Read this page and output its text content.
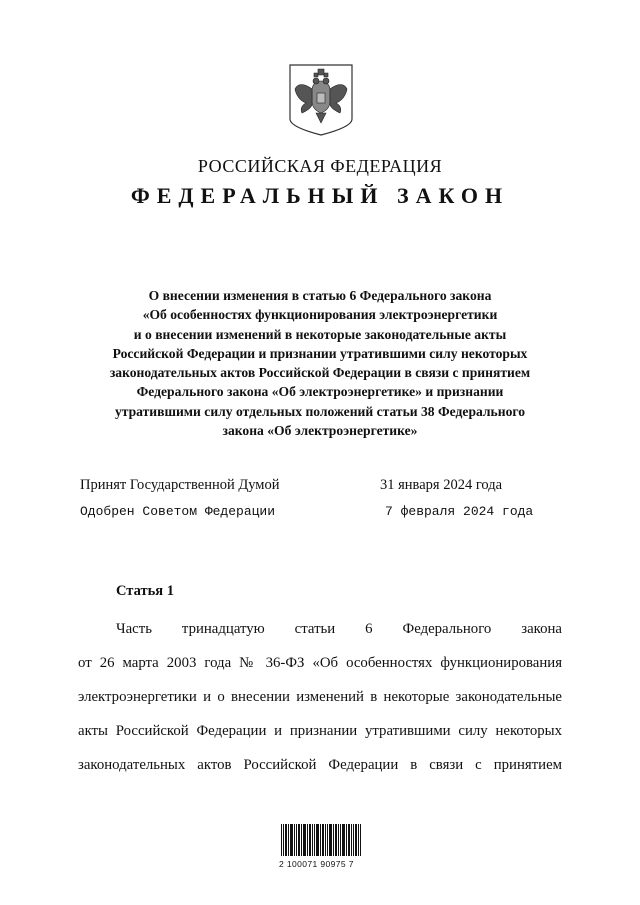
РОССИЙСКАЯ ФЕДЕРАЦИЯ
ФЕДЕРАЛЬНЫЙ ЗАКОН
О внесении изменения в статью 6 Федерального закона
«Об особенностях функционирования электроэнергетики
и о внесении изменений в некоторые законодательные акты
Российской Федерации и признании утратившими силу некоторых
законодательных актов Российской Федерации в связи с принятием
Федерального закона «Об электроэнергетике» и признании
утратившими силу отдельных положений статьи 38 Федерального
закона «Об электроэнергетике»
Принят Государственной Думой	31 января 2024 года
Одобрен Советом Федерации	7 февраля 2024 года
Статья 1
Часть тринадцатую статьи 6 Федерального закона
от 26 марта 2003 года № 36-ФЗ «Об особенностях функционирования
электроэнергетики и о внесении изменений в некоторые законодательные
акты Российской Федерации и признании утратившими силу некоторых
законодательных актов Российской Федерации в связи с принятием
2 100071 90975 7
